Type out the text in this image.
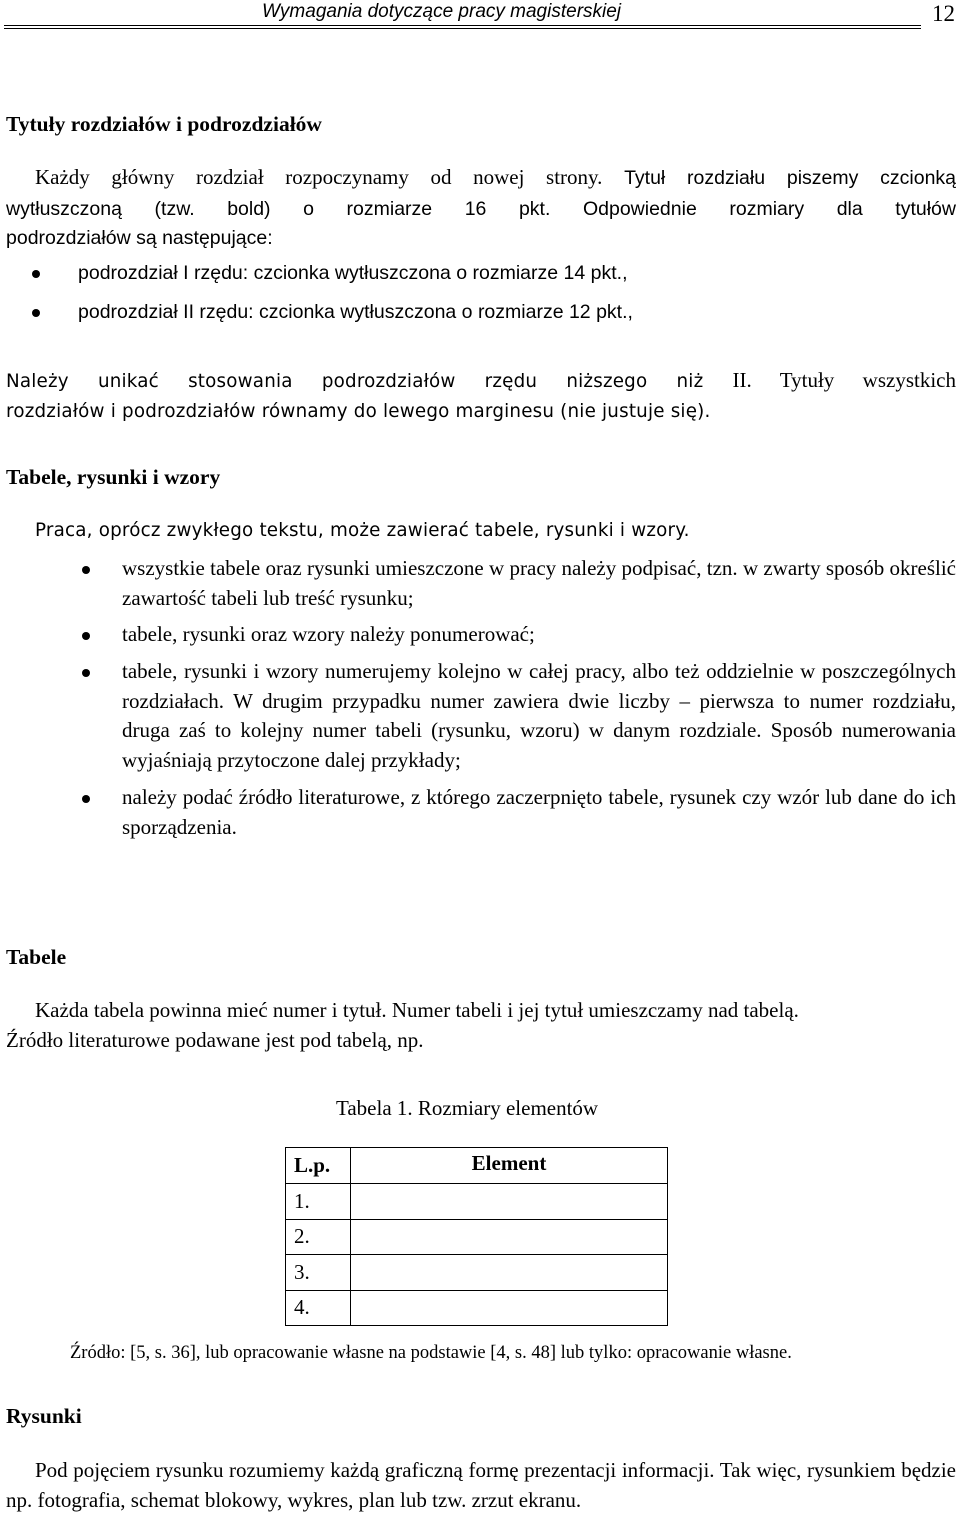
Wymagania dotyczące pracy magisterskiej	12
Tytuły rozdziałów i podrozdziałów
Każdy główny rozdział rozpoczynamy od nowej strony. Tytuł rozdziału piszemy czcionką
wytłuszczoną (tzw. bold) o rozmiarze 16 pkt. Odpowiednie rozmiary dla tytułów
podrozdziałów są następujące:
podrozdział I rzędu: czcionka wytłuszczona o rozmiarze 14 pkt.,
podrozdział II rzędu: czcionka wytłuszczona o rozmiarze 12 pkt.,
Należy unikać stosowania podrozdziałów rzędu niższego niż II. Tytuły wszystkich
rozdziałów i podrozdziałów równamy do lewego marginesu (nie justuje się).
Tabele, rysunki i wzory
Praca, oprócz zwykłego tekstu, może zawierać tabele, rysunki i wzory.
wszystkie tabele oraz rysunki umieszczone w pracy należy podpisać, tzn. w zwarty sposób określić zawartość tabeli lub treść rysunku;
tabele, rysunki oraz wzory należy ponumerować;
tabele, rysunki i wzory numerujemy kolejno w całej pracy, albo też oddzielnie w poszczególnych rozdziałach. W drugim przypadku numer zawiera dwie liczby – pierwsza to numer rozdziału, druga zaś to kolejny numer tabeli (rysunku, wzoru) w danym rozdziale. Sposób numerowania wyjaśniają przytoczone dalej przykłady;
należy podać źródło literaturowe, z którego zaczerpnięto tabele, rysunek czy wzór lub dane do ich sporządzenia.
Tabele
Każda tabela powinna mieć numer i tytuł. Numer tabeli i jej tytuł umieszczamy nad tabelą.
Źródło literaturowe podawane jest pod tabelą, np.
Tabela 1. Rozmiary elementów
L.p.	Element
1.	
2.	
3.	
4.	
Źródło: [5, s. 36], lub opracowanie własne na podstawie [4, s. 48] lub tylko: opracowanie własne.
Rysunki
Pod pojęciem rysunku rozumiemy każdą graficzną formę prezentacji informacji. Tak więc, rysunkiem będzie np. fotografia, schemat blokowy, wykres, plan lub tzw. zrzut ekranu.
